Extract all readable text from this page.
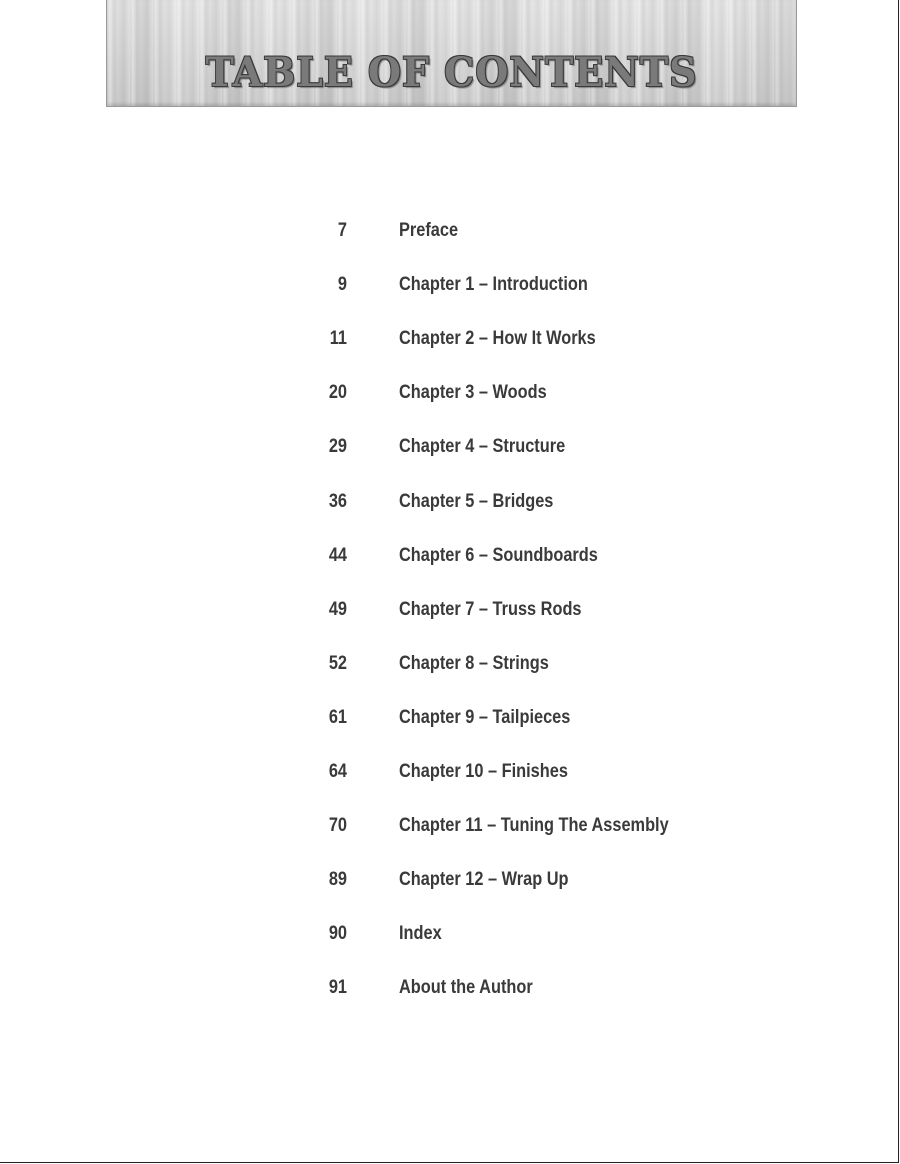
TABLE OF CONTENTS
7	Preface
9	Chapter 1 – Introduction
11	Chapter 2 – How It Works
20	Chapter 3 – Woods
29	Chapter 4 – Structure
36	Chapter 5 – Bridges
44	Chapter 6 – Soundboards
49	Chapter 7 – Truss Rods
52	Chapter 8 – Strings
61	Chapter 9 – Tailpieces
64	Chapter 10 – Finishes
70	Chapter 11 – Tuning The Assembly
89	Chapter 12 – Wrap Up
90	Index
91	About the Author
